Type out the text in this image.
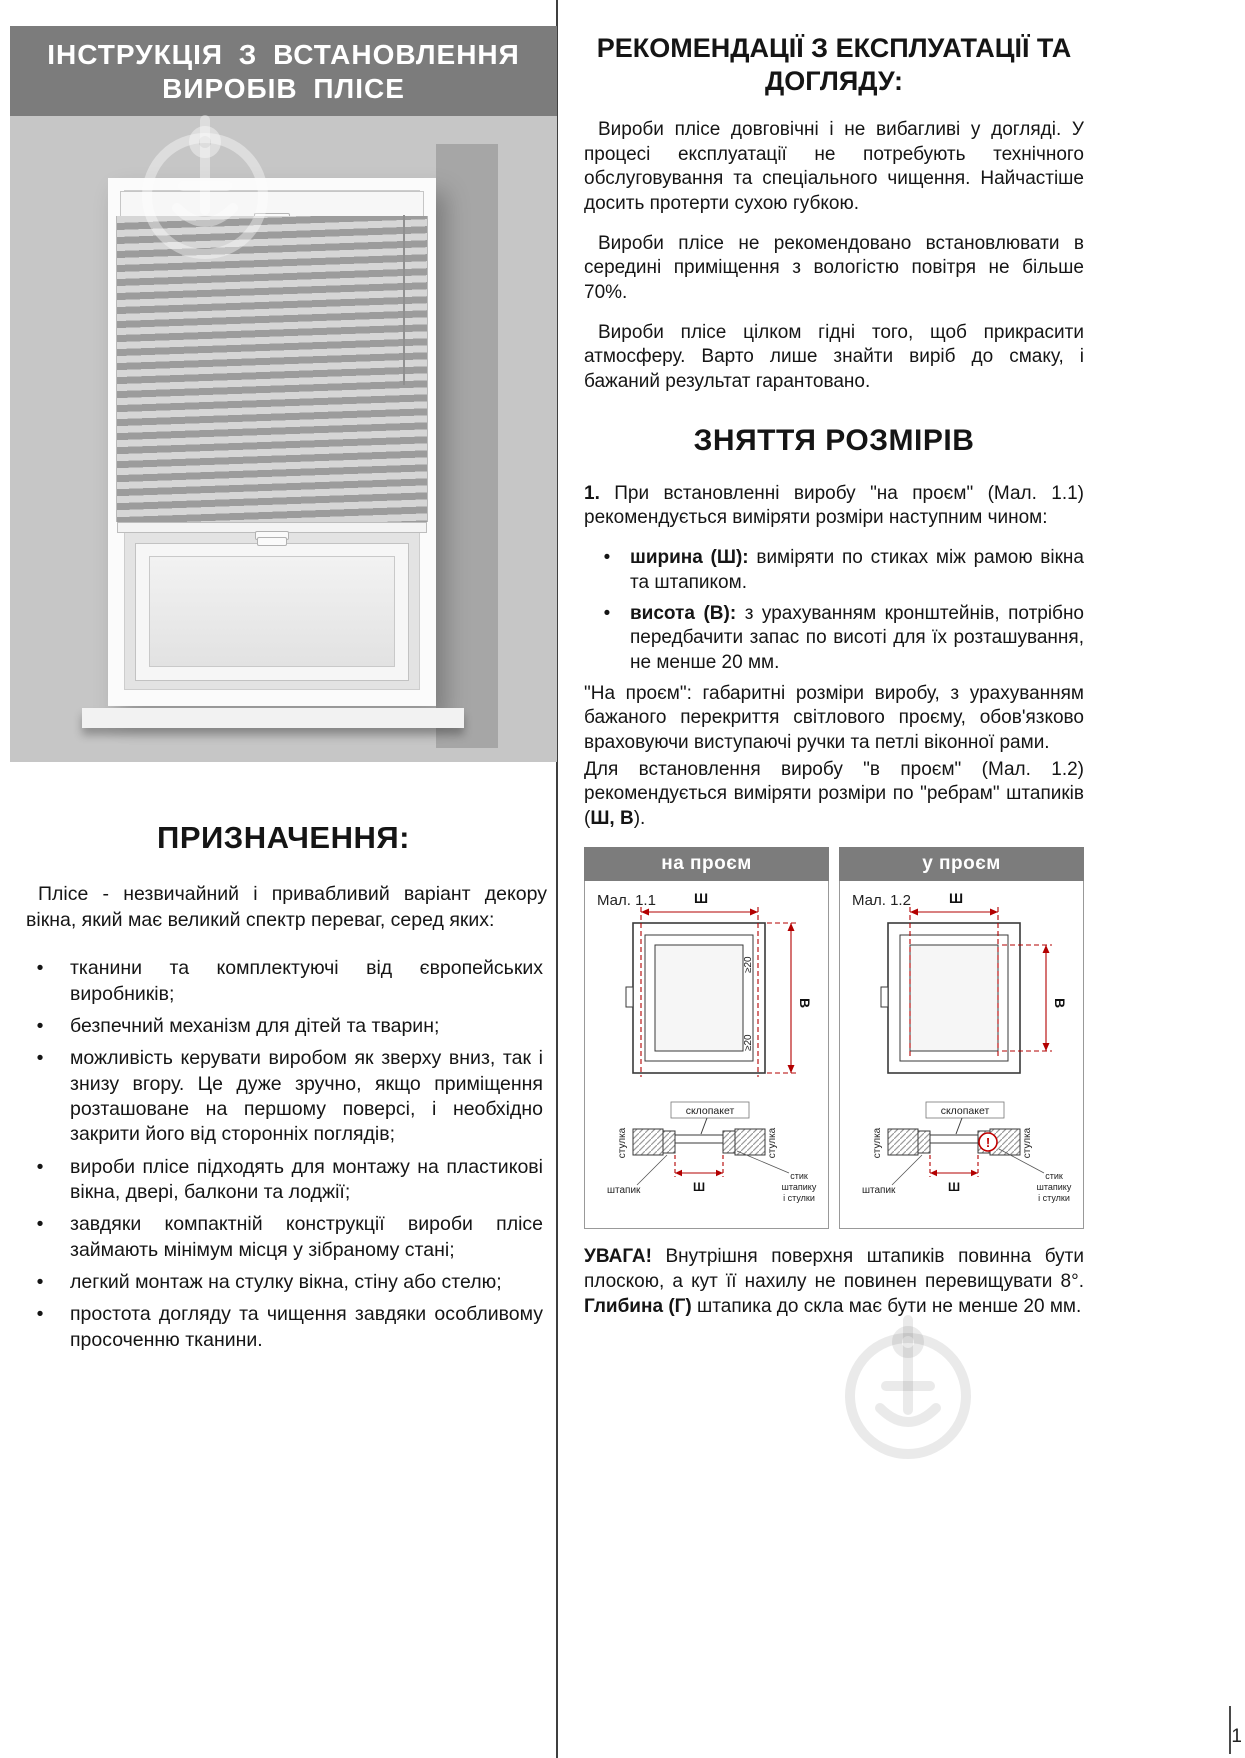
ІНСТРУКЦІЯ З ВСТАНОВЛЕННЯ
ВИРОБІВ ПЛІСЕ
ПРИЗНАЧЕННЯ:

Плісе - незвичайний і привабливий варіант декору вікна, який має великий спектр переваг, серед яких:

•	тканини та комплектуючі від європейських виробників;
•	безпечний механізм для дітей та тварин;
•	можливість керувати виробом як зверху вниз, так і знизу вгору. Це дуже зручно, якщо приміщення розташоване на першому поверсі, і необхідно закрити його від сторонніх поглядів;
•	вироби плісе підходять для монтажу на пластикові вікна, двері, балкони та лоджії;
•	завдяки компактній конструкції вироби плісе займають мінімум місця у зібраному стані;
•	легкий монтаж на стулку вікна, стіну або стелю;
•	простота догляду та чищення завдяки особливому просоченню тканини.
РЕКОМЕНДАЦІЇ З ЕКСПЛУАТАЦІЇ ТА ДОГЛЯДУ:

Вироби плісе довговічні і не вибагливі у догляді. У процесі експлуатації не потребують технічного обслуговування та спеціального чищення. Найчастіше досить протерти сухою губкою.

Вироби плісе не рекомендовано встановлювати в середині приміщення з вологістю повітря не більше 70%.

Вироби плісе цілком гідні того, щоб прикрасити атмосферу. Варто лише знайти виріб до смаку, і бажаний результат гарантовано.

ЗНЯТТЯ РОЗМІРІВ

1. При встановленні виробу "на проєм" (Мал. 1.1) рекомендується виміряти розміри наступним чином:

•	ширина (Ш): виміряти по стиках між рамою вікна та штапиком.
•	висота (В): з урахуванням кронштейнів, потрібно передбачити запас по висоті для їх розташування, не менше 20 мм.

"На проєм": габаритні розміри виробу, з урахуванням бажаного перекриття світлового проєму, обов'язково враховуючи виступаючі ручки та петлі віконної рами.

Для встановлення виробу "в проєм" (Мал. 1.2) рекомендується виміряти розміри по "ребрам" штапиків (Ш, В).

на проєм
Мал. 1.1	Ш
В
≥20
≥20
склопакет
стулка	стулка
Ш
штапик
стик
штапику
і стулки
у проєм
Мал. 1.2	Ш
В
склопакет
стулка	стулка
!
Ш
штапик
стик
штапику
і стулки

УВАГА! Внутрішня поверхня штапиків повинна бути плоскою, а кут її нахилу не повинен перевищувати 8°. Глибина (Г) штапика до скла має бути не менше 20 мм.

1
